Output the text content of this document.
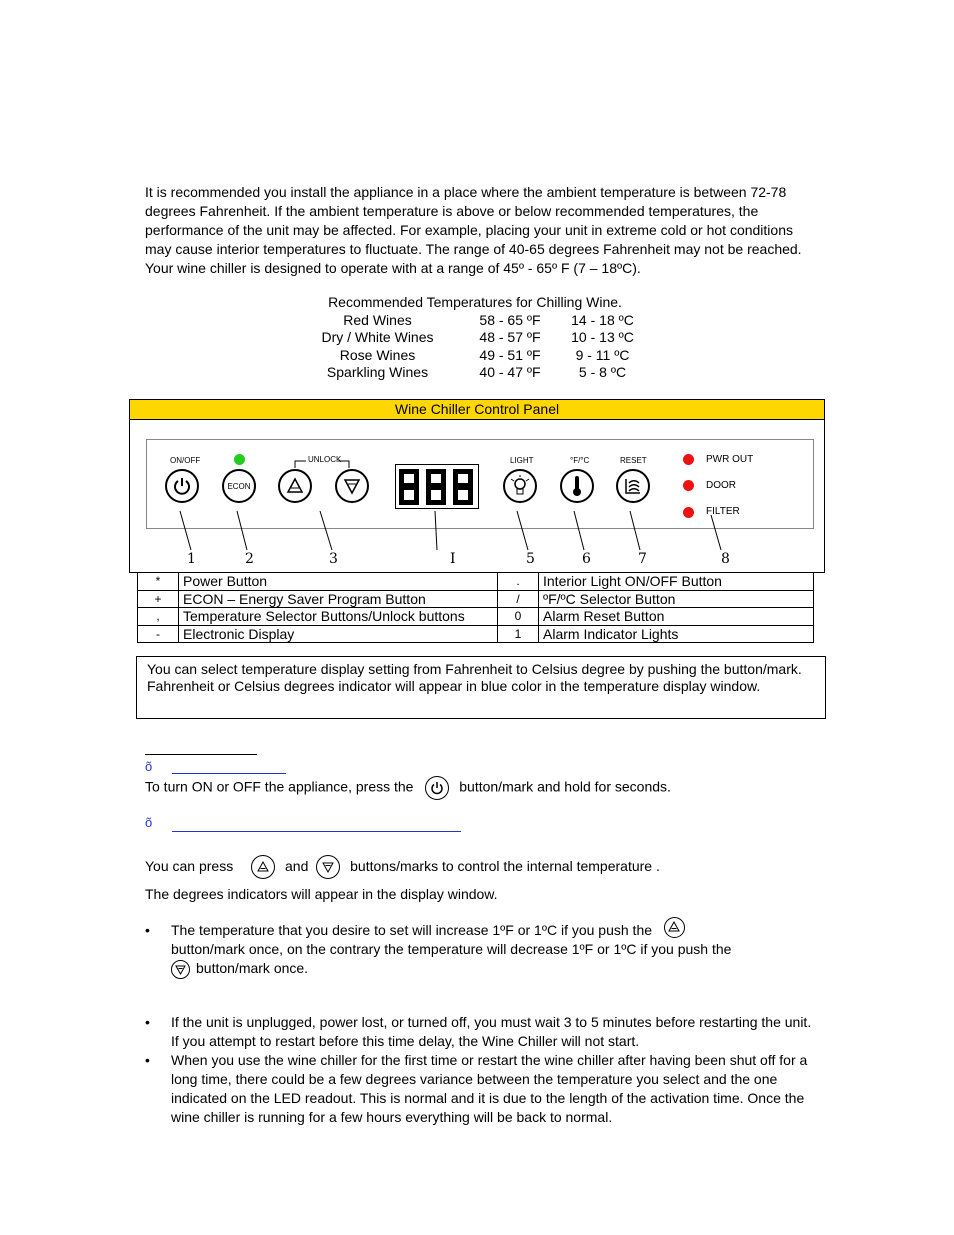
It is recommended you install the appliance in a place where the ambient temperature is between 72-78 degrees Fahrenheit. If the ambient temperature is above or below recommended temperatures, the performance of the unit may be affected. For example, placing your unit in extreme cold or hot conditions may cause interior temperatures to fluctuate. The range of 40-65 degrees Fahrenheit may not be reached. Your wine chiller is designed to operate with at a range of 45º - 65º F (7 – 18ºC).
Recommended Temperatures for Chilling Wine.
Red Wines	58 - 65 ºF	14 - 18 ºC
Dry / White Wines	48 - 57 ºF	10 - 13 ºC
Rose Wines	49 - 51 ºF	9 - 11 ºC
Sparkling Wines	40 - 47 ºF	5 - 8 ºC
Wine Chiller Control Panel
ON/OFF	UNLOCK	LIGHT	°F/°C	RESET
ECON
PWR OUT
DOOR
FILTER
1	2	3	I	5	6	7	8
*	Power Button	.	Interior Light ON/OFF Button
+	ECON – Energy Saver Program Button	/	ºF/ºC Selector Button
,	Temperature Selector Buttons/Unlock buttons	0	Alarm Reset Button
-	Electronic Display	1	Alarm Indicator Lights
You can select temperature display setting from Fahrenheit to Celsius degree by pushing the button/mark. Fahrenheit or Celsius degrees indicator will appear in blue color in the temperature display window.
õ
To turn ON or OFF the appliance, press the	button/mark and hold for seconds.
õ
You can press	and	buttons/marks to control the internal temperature .
The degrees indicators will appear in the display window.
• The temperature that you desire to set will increase 1ºF or 1ºC if you push the

button/mark once, on the contrary the temperature will decrease 1ºF or 1ºC if you push the

button/mark once.
• If the unit is unplugged, power lost, or turned off, you must wait 3 to 5 minutes before restarting the unit. If you attempt to restart before this time delay, the Wine Chiller will not start.
• When you use the wine chiller for the first time or restart the wine chiller after having been shut off for a long time, there could be a few degrees variance between the temperature you select and the one indicated on the LED readout. This is normal and it is due to the length of the activation time. Once the wine chiller is running for a few hours everything will be back to normal.
